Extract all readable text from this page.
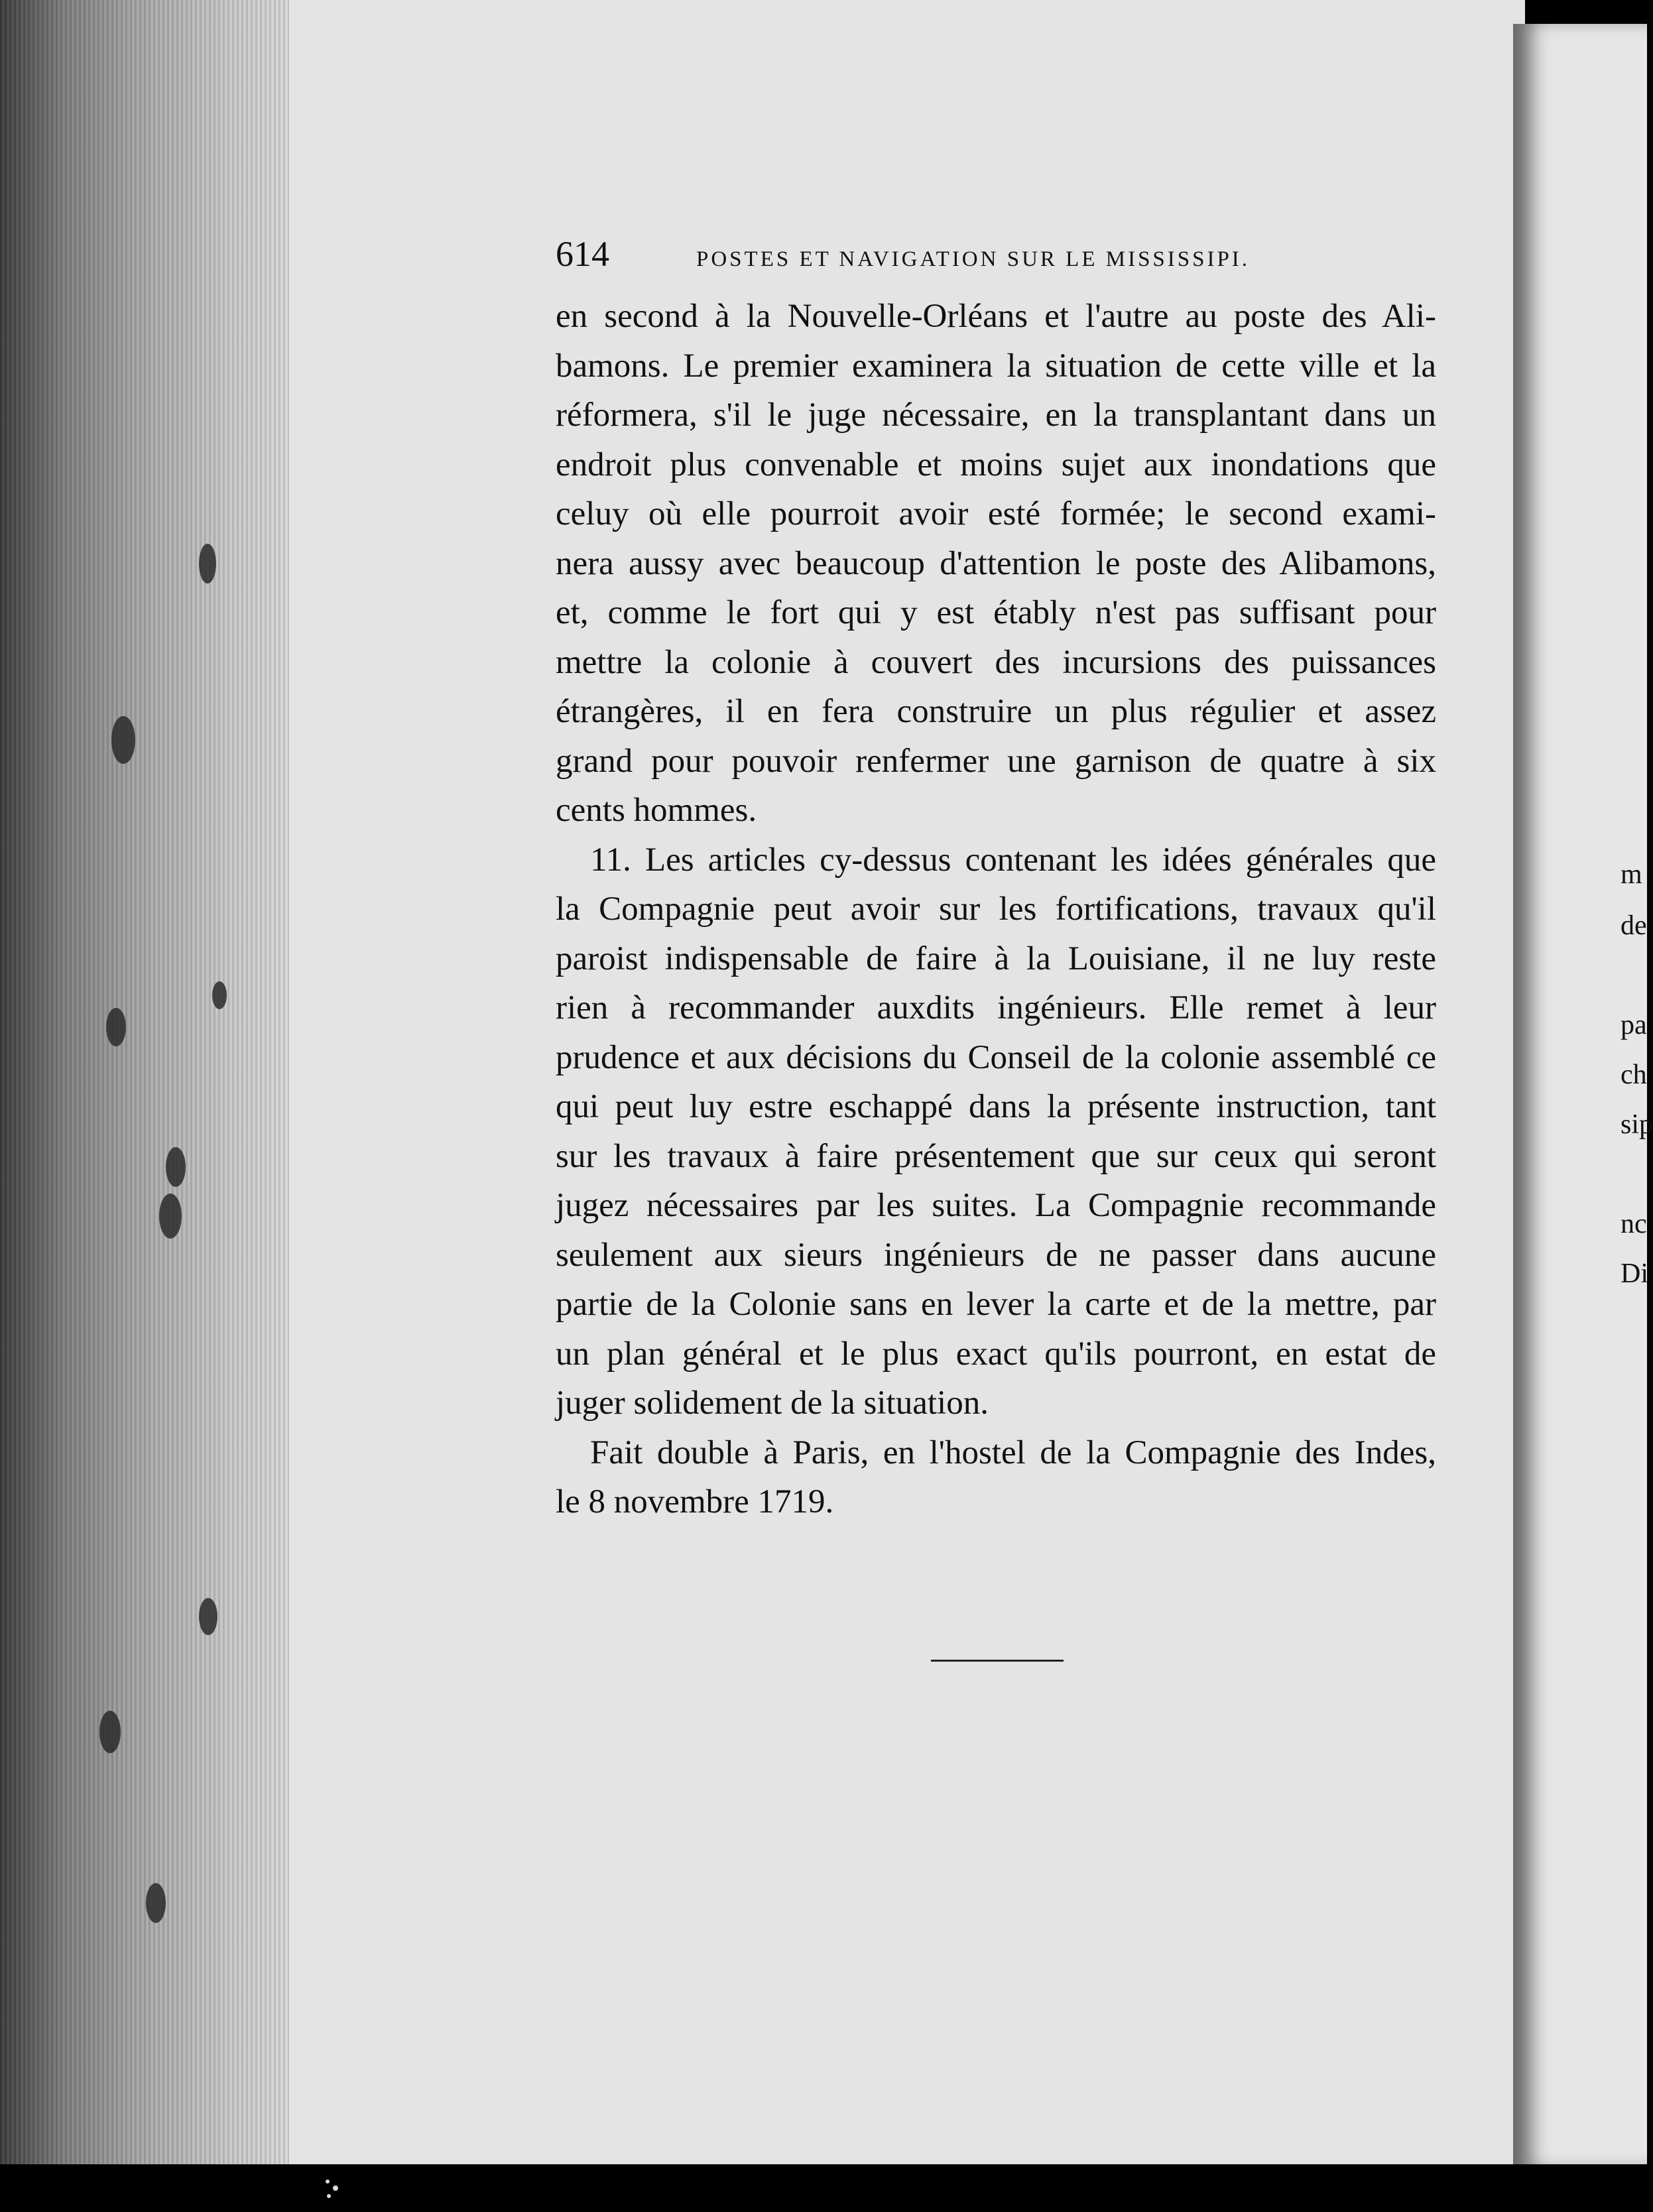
m
de
pa
ch
sip
nc
Di
614	POSTES ET NAVIGATION SUR LE MISSISSIPI.
en second à la Nouvelle-Orléans et l'autre au poste des Ali-
bamons. Le premier examinera la situation de cette ville et la
réformera, s'il le juge nécessaire, en la transplantant dans un
endroit plus convenable et moins sujet aux inondations que
celuy où elle pourroit avoir esté formée; le second exami-
nera aussy avec beaucoup d'attention le poste des Alibamons,
et, comme le fort qui y est étably n'est pas suffisant pour
mettre la colonie à couvert des incursions des puissances
étrangères, il en fera construire un plus régulier et assez
grand pour pouvoir renfermer une garnison de quatre à six
cents hommes.
11. Les articles cy-dessus contenant les idées générales que
la Compagnie peut avoir sur les fortifications, travaux qu'il
paroist indispensable de faire à la Louisiane, il ne luy reste
rien à recommander auxdits ingénieurs. Elle remet à leur
prudence et aux décisions du Conseil de la colonie assemblé ce
qui peut luy estre eschappé dans la présente instruction, tant
sur les travaux à faire présentement que sur ceux qui seront
jugez nécessaires par les suites. La Compagnie recommande
seulement aux sieurs ingénieurs de ne passer dans aucune
partie de la Colonie sans en lever la carte et de la mettre, par
un plan général et le plus exact qu'ils pourront, en estat de
juger solidement de la situation.
Fait double à Paris, en l'hostel de la Compagnie des Indes,
le 8 novembre 1719.
